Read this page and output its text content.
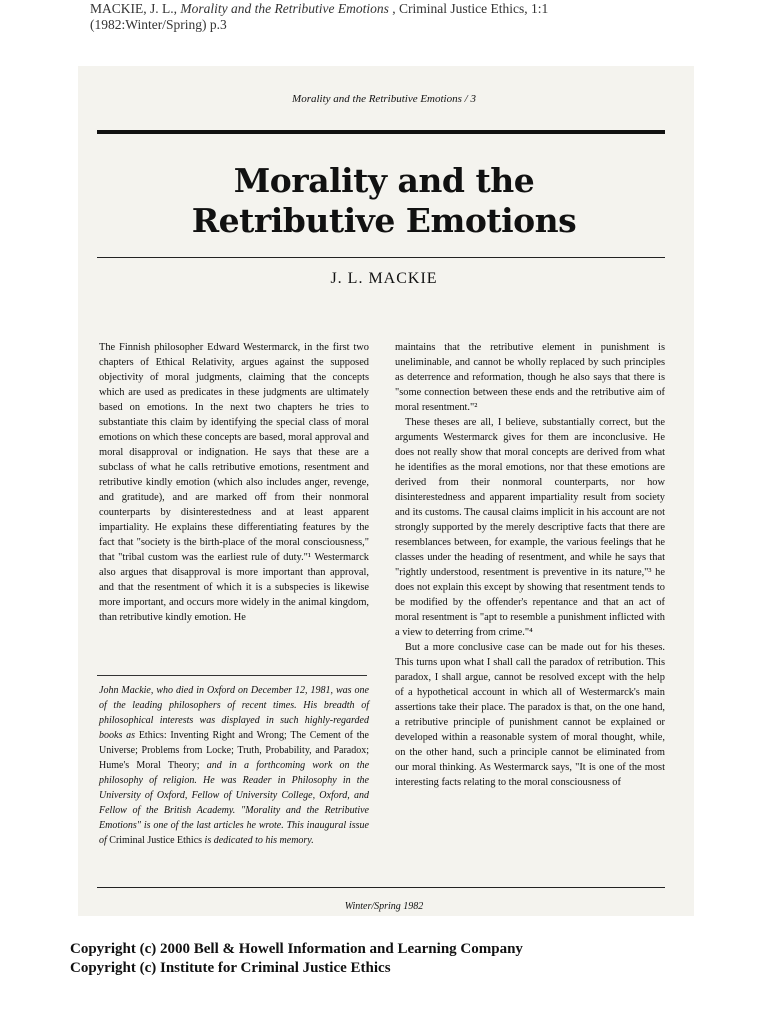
MACKIE, J. L., Morality and the Retributive Emotions , Criminal Justice Ethics, 1:1
(1982:Winter/Spring) p.3
Morality and the Retributive Emotions / 3
Morality and the
Retributive Emotions
J. L. MACKIE

The Finnish philosopher Edward Westermarck, in the first two chapters of Ethical Relativity, argues against the supposed objectivity of moral judgments, claiming that the concepts which are used as predicates in these judgments are ultimately based on emotions. In the next two chapters he tries to substantiate this claim by identifying the special class of moral emotions on which these concepts are based, moral approval and moral disapproval or indignation. He says that these are a subclass of what he calls retributive emotions, resentment and retributive kindly emotion (which also includes anger, revenge, and gratitude), and are marked off from their nonmoral counterparts by disinterestedness and at least apparent impartiality. He explains these differentiating features by the fact that "society is the birth-place of the moral consciousness," that "tribal custom was the earliest rule of duty."¹ Westermarck also argues that disapproval is more important than approval, and that the resentment of which it is a subspecies is likewise more important, and occurs more widely in the animal kingdom, than retributive kindly emotion. He

John Mackie, who died in Oxford on December 12, 1981, was one of the leading philosophers of recent times. His breadth of philosophical interests was displayed in such highly-regarded books as Ethics: Inventing Right and Wrong; The Cement of the Universe; Problems from Locke; Truth, Probability, and Paradox; Hume's Moral Theory; and in a forthcoming work on the philosophy of religion. He was Reader in Philosophy in the University of Oxford, Fellow of University College, Oxford, and Fellow of the British Academy. "Morality and the Retributive Emotions" is one of the last articles he wrote. This inaugural issue of Criminal Justice Ethics is dedicated to his memory.

maintains that the retributive element in punishment is uneliminable, and cannot be wholly replaced by such principles as deterrence and reformation, though he also says that there is "some connection between these ends and the retributive aim of moral resentment."²

These theses are all, I believe, substantially correct, but the arguments Westermarck gives for them are inconclusive. He does not really show that moral concepts are derived from what he identifies as the moral emotions, nor that these emotions are derived from their nonmoral counterparts, nor how disinterestedness and apparent impartiality result from society and its customs. The causal claims implicit in his account are not strongly supported by the merely descriptive facts that there are resemblances between, for example, the various feelings that he classes under the heading of resentment, and while he says that "rightly understood, resentment is preventive in its nature,"³ he does not explain this except by showing that resentment tends to be modified by the offender's repentance and that an act of moral resentment is "apt to resemble a punishment inflicted with a view to deterring from crime."⁴

But a more conclusive case can be made out for his theses. This turns upon what I shall call the paradox of retribution. This paradox, I shall argue, cannot be resolved except with the help of a hypothetical account in which all of Westermarck's main assertions take their place. The paradox is that, on the one hand, a retributive principle of punishment cannot be explained or developed within a reasonable system of moral thought, while, on the other hand, such a principle cannot be eliminated from our moral thinking. As Westermarck says, "It is one of the most interesting facts relating to the moral consciousness of

Winter/Spring 1982
Copyright (c) 2000 Bell & Howell Information and Learning Company
Copyright (c) Institute for Criminal Justice Ethics
